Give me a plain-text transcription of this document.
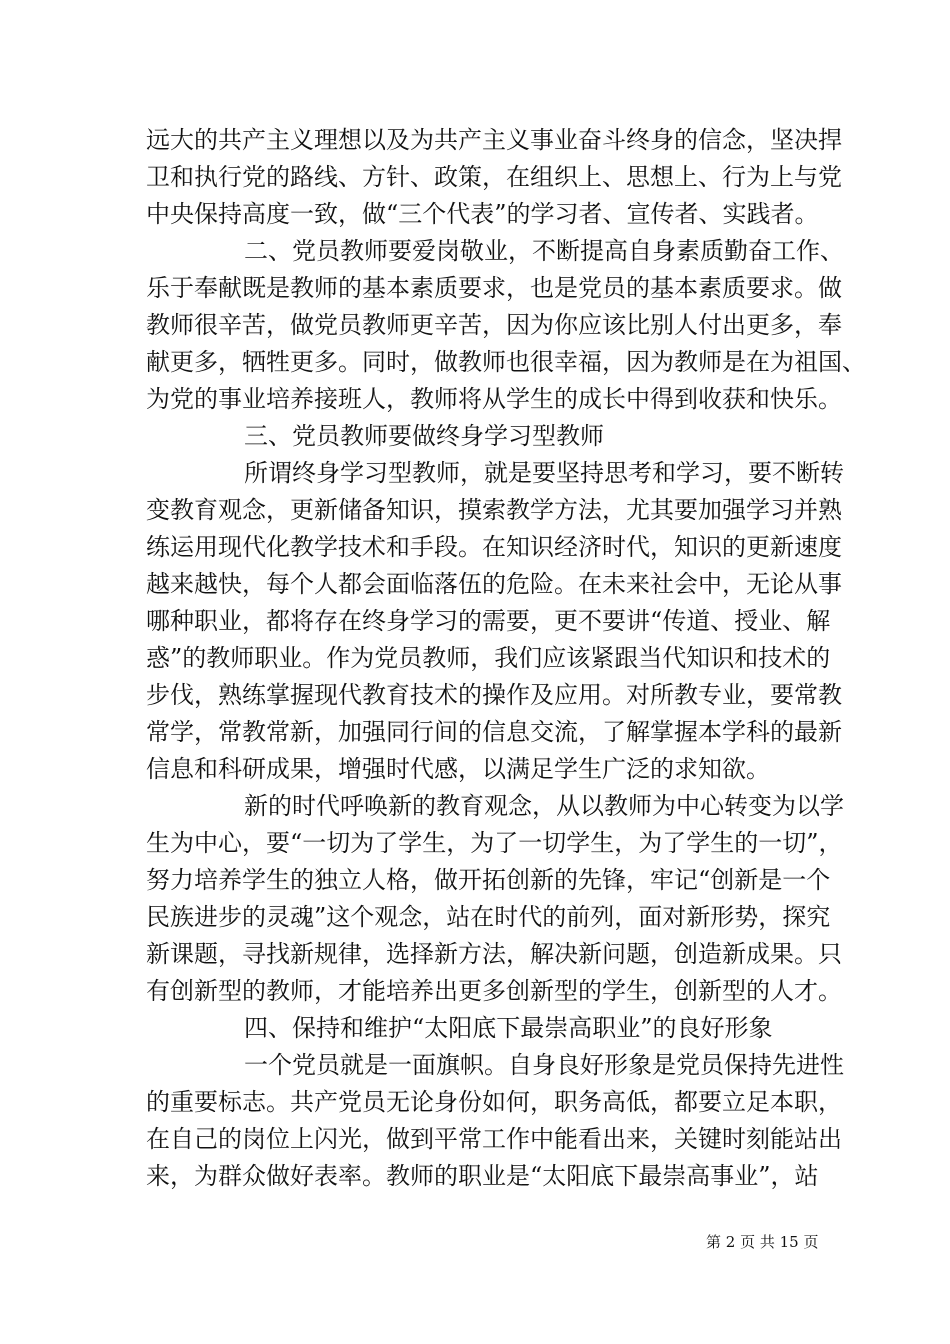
远大的共产主义理想以及为共产主义事业奋斗终身的信念，坚决捍
卫和执行党的路线、方针、政策，在组织上、思想上、行为上与党
中央保持高度一致，做“三个代表”的学习者、宣传者、实践者。
二、党员教师要爱岗敬业，不断提高自身素质勤奋工作、
乐于奉献既是教师的基本素质要求，也是党员的基本素质要求。做
教师很辛苦，做党员教师更辛苦，因为你应该比别人付出更多，奉
献更多，牺牲更多。同时，做教师也很幸福，因为教师是在为祖国、
为党的事业培养接班人，教师将从学生的成长中得到收获和快乐。
三、党员教师要做终身学习型教师
所谓终身学习型教师，就是要坚持思考和学习，要不断转
变教育观念，更新储备知识，摸索教学方法，尤其要加强学习并熟
练运用现代化教学技术和手段。在知识经济时代，知识的更新速度
越来越快，每个人都会面临落伍的危险。在未来社会中，无论从事
哪种职业，都将存在终身学习的需要，更不要讲“传道、授业、解
惑”的教师职业。作为党员教师，我们应该紧跟当代知识和技术的
步伐，熟练掌握现代教育技术的操作及应用。对所教专业，要常教
常学，常教常新，加强同行间的信息交流，了解掌握本学科的最新
信息和科研成果，增强时代感，以满足学生广泛的求知欲。
新的时代呼唤新的教育观念，从以教师为中心转变为以学
生为中心，要“一切为了学生，为了一切学生，为了学生的一切”，
努力培养学生的独立人格，做开拓创新的先锋，牢记“创新是一个
民族进步的灵魂”这个观念，站在时代的前列，面对新形势，探究
新课题，寻找新规律，选择新方法，解决新问题，创造新成果。只
有创新型的教师，才能培养出更多创新型的学生，创新型的人才。
四、保持和维护“太阳底下最崇高职业”的良好形象
一个党员就是一面旗帜。自身良好形象是党员保持先进性
的重要标志。共产党员无论身份如何，职务高低，都要立足本职，
在自己的岗位上闪光，做到平常工作中能看出来，关键时刻能站出
来，为群众做好表率。教师的职业是“太阳底下最崇高事业”，站
第 2 页 共 15 页
